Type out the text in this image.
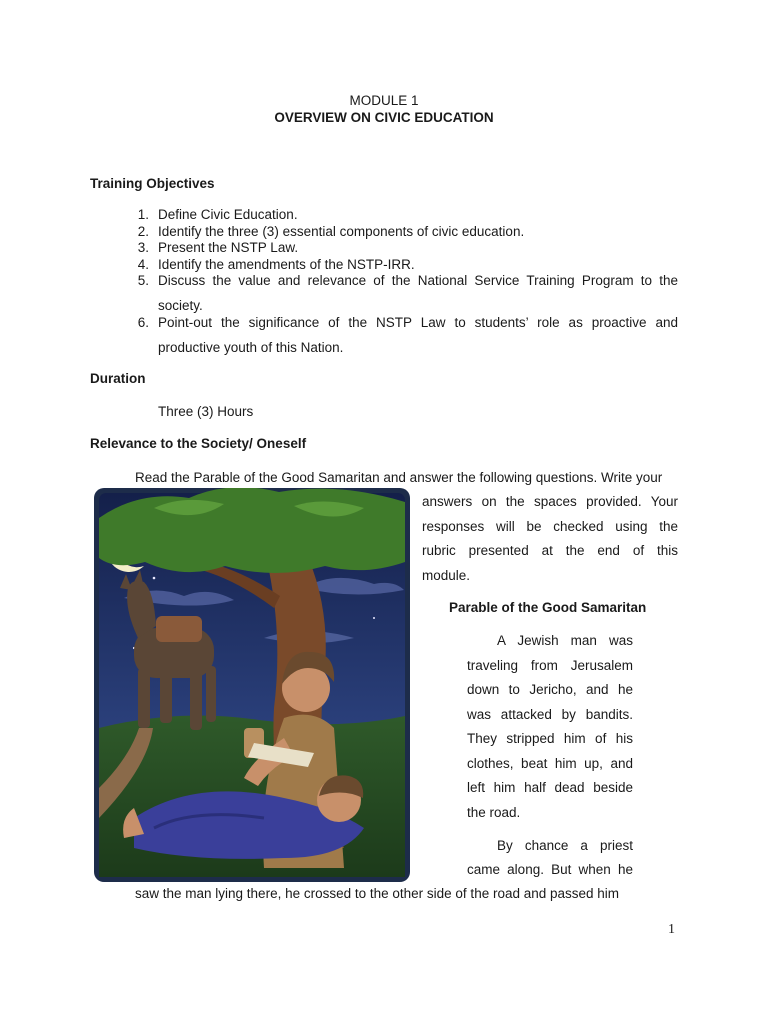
MODULE 1
OVERVIEW ON CIVIC EDUCATION
Training Objectives
1. Define Civic Education.
2. Identify the three (3) essential components of civic education.
3. Present the NSTP Law.
4. Identify the amendments of the NSTP-IRR.
5. Discuss the value and relevance of the National Service Training Program to the
society.
6. Point-out the significance of the NSTP Law to students’ role as proactive and
productive youth of this Nation.
Duration
Three (3) Hours
Relevance to the Society/ Oneself
Read the Parable of the Good Samaritan and answer the following questions. Write your
answers on the spaces provided. Your
responses will be checked using the
rubric presented at the end of this
module.
Parable of the Good Samaritan
A Jewish man was
traveling from Jerusalem
down to Jericho, and he
was attacked by bandits.
They stripped him of his
clothes, beat him up, and
left him half dead beside
the road.
By chance a priest
came along. But when he
saw the man lying there, he crossed to the other side of the road and passed him
1
